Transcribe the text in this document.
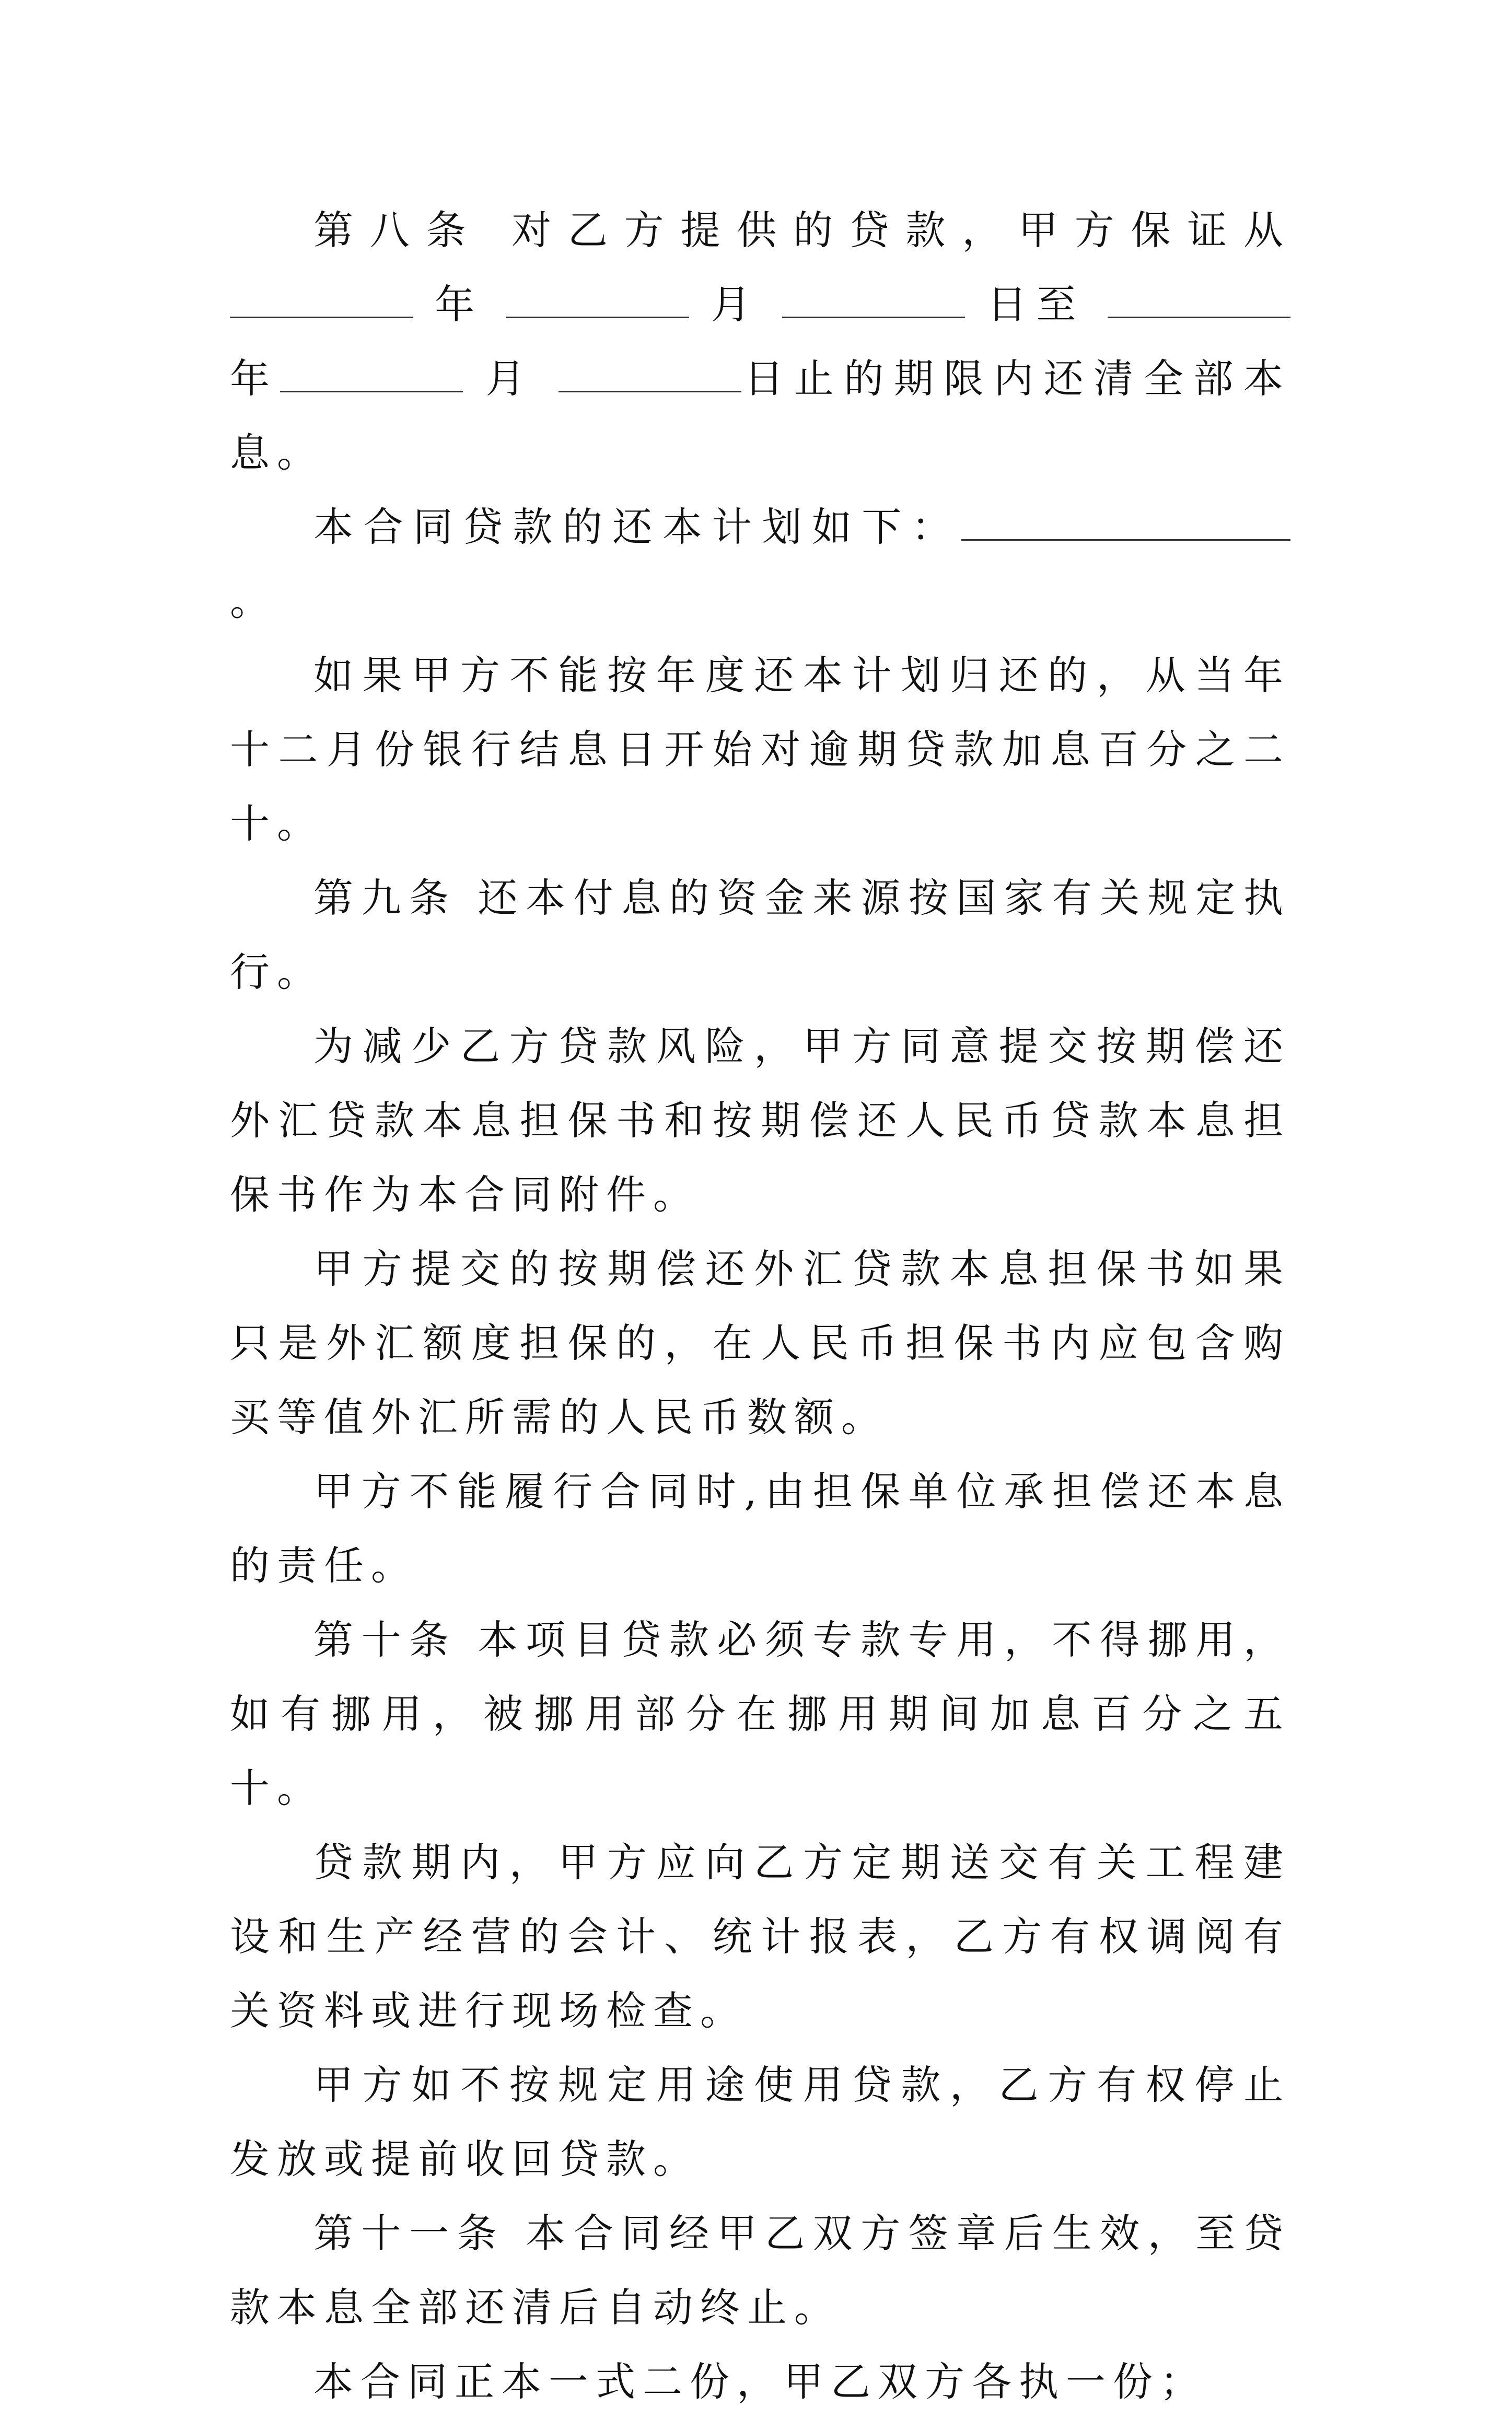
第八条 对乙方提供的贷款，甲方保证从 年	月	日至  年	月	日止的期限内还清全部本息。

本合同贷款的还本计划如下：。

如果甲方不能按年度还本计划归还的，从当年十二月份银行结息日开始对逾期贷款加息百分之二十。

第九条 还本付息的资金来源按国家有关规定执行。

为减少乙方贷款风险，甲方同意提交按期偿还外汇贷款本息担保书和按期偿还人民币贷款本息担保书作为本合同附件。

甲方提交的按期偿还外汇贷款本息担保书如果只是外汇额度担保的，在人民币担保书内应包含购买等值外汇所需的人民币数额。

甲方不能履行合同时,由担保单位承担偿还本息的责任。

第十条 本项目贷款必须专款专用，不得挪用，如有挪用，被挪用部分在挪用期间加息百分之五十。

贷款期内，甲方应向乙方定期送交有关工程建设和生产经营的会计、统计报表，乙方有权调阅有关资料或进行现场检查。

甲方如不按规定用途使用贷款，乙方有权停止发放或提前收回贷款。

第十一条 本合同经甲乙双方签章后生效，至贷款本息全部还清后自动终止。

本合同正本一式二份，甲乙双方各执一份；
